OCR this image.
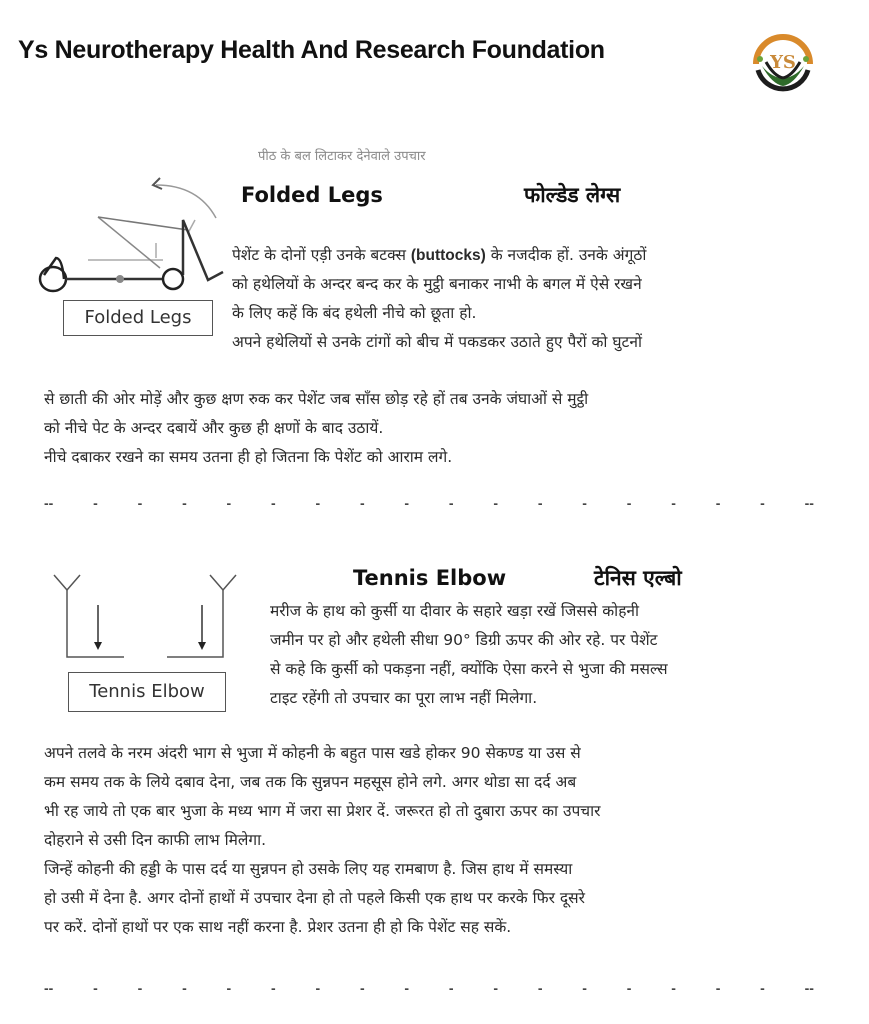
Ys Neurotherapy Health And Research Foundation	YS
पीठ के बल लिटाकर देनेवाले उपचार
Folded Legs	फोल्डेड लेग्स
Folded Legs
पेशेंट के दोनों एड़ी उनके बटक्स (buttocks) के नजदीक हों. उनके अंगूठों
को हथेलियों के अन्दर बन्द कर के मुट्ठी बनाकर नाभी के बगल में ऐसे रखने
के लिए कहें कि बंद हथेली नीचे को छूता हो.
अपने हथेलियों से उनके टांगों को बीच में पकडकर उठाते हुए पैरों को घुटनों
से छाती की ओर मोड़ें और कुछ क्षण रुक कर पेशेंट जब साँस छोड़ रहे हों तब उनके जंघाओं से मुट्ठी
को नीचे पेट के अन्दर दबायें और कुछ ही क्षणों के बाद उठायें.
नीचे दबाकर रखने का समय उतना ही हो जितना कि पेशेंट को आराम लगे.
--	-	-	-	-	-	-	-	-	-	-	-	-	-	-	-	-	--
Tennis Elbow	टेनिस एल्बो
Tennis Elbow
मरीज के हाथ को कुर्सी या दीवार के सहारे खड़ा रखें जिससे कोहनी
जमीन पर हो और हथेली सीधा 90° डिग्री ऊपर की ओर रहे. पर पेशेंट
से कहे कि कुर्सी को पकड़ना नहीं, क्योंकि ऐसा करने से भुजा की मसल्स
टाइट रहेंगी तो उपचार का पूरा लाभ नहीं मिलेगा.
अपने तलवे के नरम अंदरी भाग से भुजा में कोहनी के बहुत पास खडे होकर 90 सेकण्ड या उस से
कम समय तक के लिये दबाव देना, जब तक कि सुन्नपन महसूस होने लगे. अगर थोडा सा दर्द अब
भी रह जाये तो एक बार भुजा के मध्य भाग में जरा सा प्रेशर दें. जरूरत हो तो दुबारा ऊपर का उपचार
दोहराने से उसी दिन काफी लाभ मिलेगा.
जिन्हें कोहनी की हड्डी के पास दर्द या सुन्नपन हो उसके लिए यह रामबाण है. जिस हाथ में समस्या
हो उसी में देना है. अगर दोनों हाथों में उपचार देना हो तो पहले किसी एक हाथ पर करके फिर दूसरे
पर करें. दोनों हाथों पर एक साथ नहीं करना है. प्रेशर उतना ही हो कि पेशेंट सह सकें.
--	-	-	-	-	-	-	-	-	-	-	-	-	-	-	-	-	--
